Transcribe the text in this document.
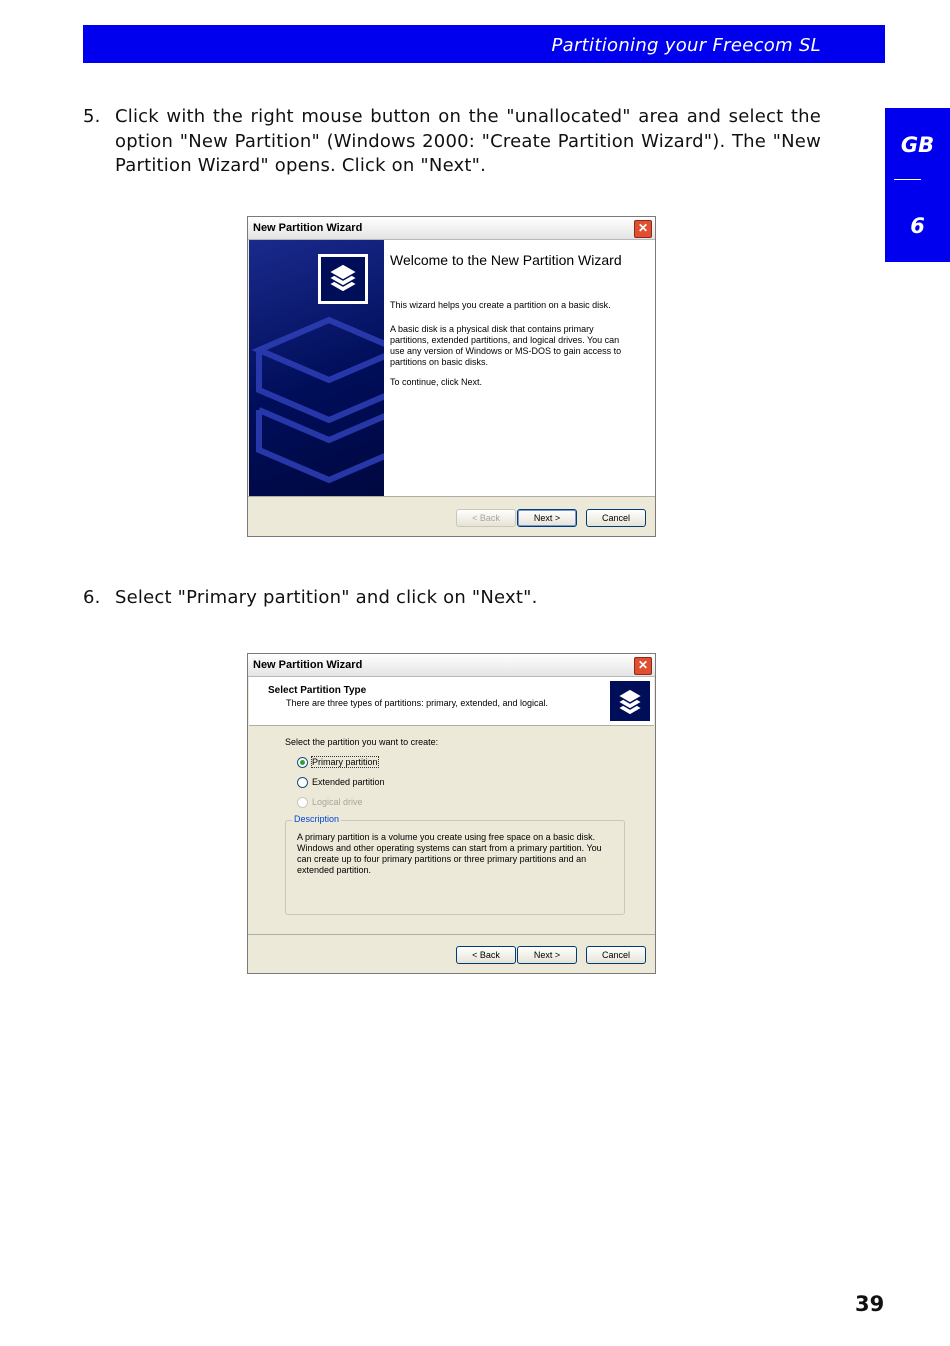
Partitioning your Freecom SL
GB
6
5. Click with the right mouse button on the "unallocated" area and select the option "New Partition" (Windows 2000: "Create Partition Wizard"). The "New Partition Wizard" opens. Click on "Next".
New Partition Wizard	✕
Welcome to the New Partition Wizard

This wizard helps you create a partition on a basic disk.

A basic disk is a physical disk that contains primary partitions, extended partitions, and logical drives. You can use any version of Windows or MS-DOS to gain access to partitions on basic disks.

To continue, click Next.

< Back	Next >	Cancel
6. Select "Primary partition" and click on "Next".
New Partition Wizard	✕
Select Partition Type
There are three types of partitions: primary, extended, and logical.
Select the partition you want to create:
Primary partition
Extended partition
Logical drive
Description

A primary partition is a volume you create using free space on a basic disk. Windows and other operating systems can start from a primary partition. You can create up to four primary partitions or three primary partitions and an extended partition.

< Back	Next >	Cancel
39
